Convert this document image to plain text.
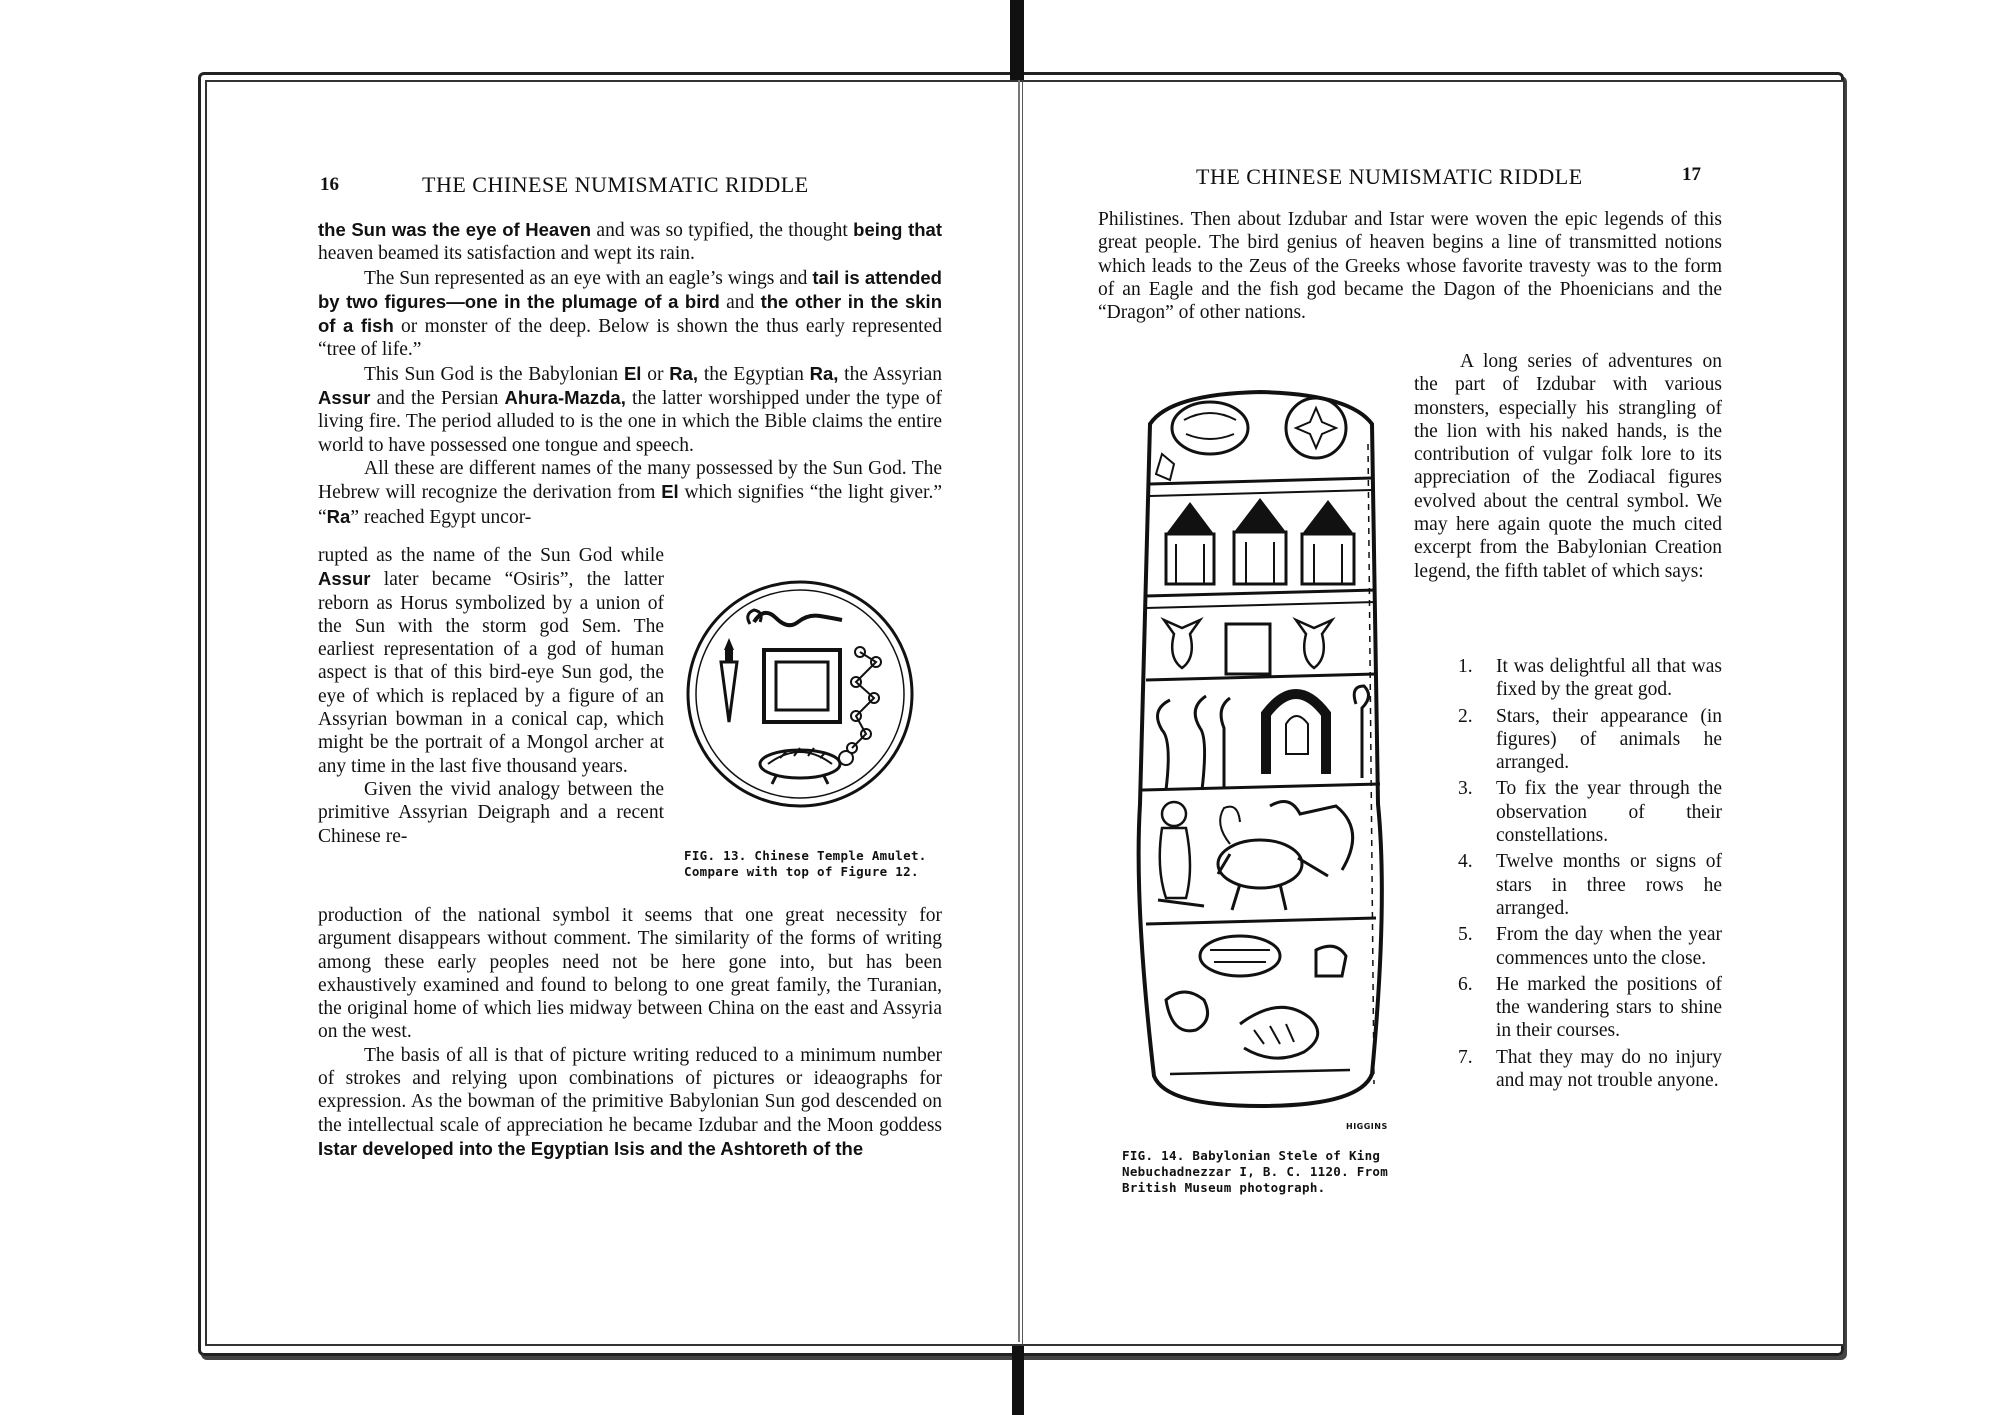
16	THE CHINESE NUMISMATIC RIDDLE

the Sun was the eye of Heaven and was so typified, the thought being that heaven beamed its satisfaction and wept its rain.

The Sun represented as an eye with an eagle’s wings and tail is attended by two figures—one in the plumage of a bird and the other in the skin of a fish or monster of the deep. Below is shown the thus early represented “tree of life.”

This Sun God is the Babylonian El or Ra, the Egyptian Ra, the Assyrian Assur and the Persian Ahura-Mazda, the latter worshipped under the type of living fire. The period alluded to is the one in which the Bible claims the entire world to have possessed one tongue and speech.

All these are different names of the many possessed by the Sun God. The Hebrew will recognize the derivation from El which signifies “the light giver.” “Ra” reached Egypt uncor-

rupted as the name of the Sun God while Assur later became “Osiris”, the latter reborn as Horus symbolized by a union of the Sun with the storm god Sem. The earliest representation of a god of human aspect is that of this bird-eye Sun god, the eye of which is replaced by a figure of an Assyrian bowman in a conical cap, which might be the portrait of a Mongol archer at any time in the last five thousand years.

Given the vivid analogy between the primitive Assyrian Deigraph and a recent Chinese re-

FIG. 13. Chinese Temple Amulet.
Compare with top of Figure 12.

production of the national symbol it seems that one great necessity for argument disappears without comment. The similarity of the forms of writing among these early peoples need not be here gone into, but has been exhaustively examined and found to belong to one great family, the Turanian, the original home of which lies midway between China on the east and Assyria on the west.

The basis of all is that of picture writing reduced to a minimum number of strokes and relying upon combinations of pictures or ideaographs for expression. As the bowman of the primitive Babylonian Sun god descended on the intellectual scale of appreciation he became Izdubar and the Moon goddess Istar developed into the Egyptian Isis and the Ashtoreth of the

THE CHINESE NUMISMATIC RIDDLE	17

Philistines. Then about Izdubar and Istar were woven the epic legends of this great people. The bird genius of heaven begins a line of transmitted notions which leads to the Zeus of the Greeks whose favorite travesty was to the form of an Eagle and the fish god became the Dagon of the Phoenicians and the “Dragon” of other nations.

A long series of adventures on the part of Izdubar with various monsters, especially his strangling of the lion with his naked hands, is the contribution of vulgar folk lore to its appreciation of the Zodiacal figures evolved about the central symbol. We may here again quote the much cited excerpt from the Babylonian Creation legend, the fifth tablet of which says:

HIGGINS
FIG. 14. Babylonian Stele of King
Nebuchadnezzar I, B. C. 1120. From
British Museum photograph.
1.	It was delightful all that was fixed by the great god.
2.	Stars, their appearance (in figures) of animals he arranged.
3.	To fix the year through the observation of their constellations.
4.	Twelve months or signs of stars in three rows he arranged.
5.	From the day when the year commences unto the close.
6.	He marked the positions of the wandering stars to shine in their courses.
7.	That they may do no injury and may not trouble anyone.
